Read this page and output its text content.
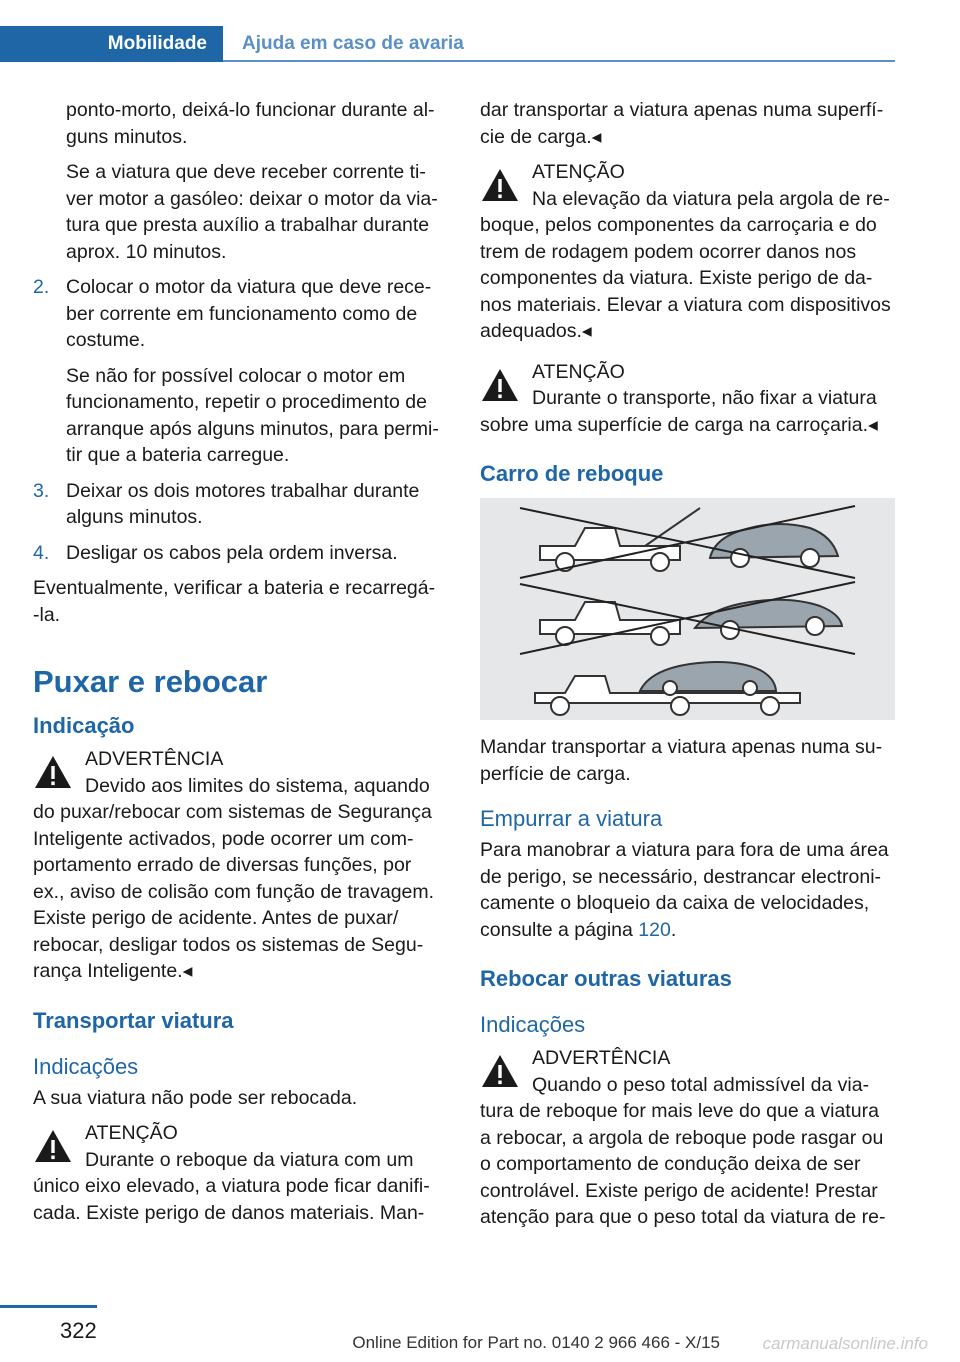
Mobilidade	Ajuda em caso de avaria

ponto-morto, deixá-lo funcionar durante al- guns minutos.

Se a viatura que deve receber corrente ti- ver motor a gasóleo: deixar o motor da via- tura que presta auxílio a trabalhar durante aprox. 10 minutos.

2. Colocar o motor da viatura que deve rece- ber corrente em funcionamento como de costume.
Se não for possível colocar o motor em funcionamento, repetir o procedimento de arranque após alguns minutos, para permi- tir que a bateria carregue.
3. Deixar os dois motores trabalhar durante alguns minutos.
4. Desligar os cabos pela ordem inversa.

Eventualmente, verificar a bateria e recarregá- -la.

Puxar e rebocar
Indicação
ADVERTÊNCIA
Devido aos limites do sistema, aquando do puxar/rebocar com sistemas de Segurança Inteligente activados, pode ocorrer um com- portamento errado de diversas funções, por ex., aviso de colisão com função de travagem. Existe perigo de acidente. Antes de puxar/ rebocar, desligar todos os sistemas de Segu- rança Inteligente.◂
Transportar viatura
Indicações

A sua viatura não pode ser rebocada.

ATENÇÃO
Durante o reboque da viatura com um único eixo elevado, a viatura pode ficar danifi- cada. Existe perigo de danos materiais. Man-

dar transportar a viatura apenas numa superfí- cie de carga.◂

ATENÇÃO
Na elevação da viatura pela argola de re- boque, pelos componentes da carroçaria e do trem de rodagem podem ocorrer danos nos componentes da viatura. Existe perigo de da- nos materiais. Elevar a viatura com dispositivos adequados.◂
ATENÇÃO
Durante o transporte, não fixar a viatura sobre uma superfície de carga na carroçaria.◂
Carro de reboque

Mandar transportar a viatura apenas numa su- perfície de carga.

Empurrar a viatura

Para manobrar a viatura para fora de uma área de perigo, se necessário, destrancar electroni- camente o bloqueio da caixa de velocidades, consulte a página 120.

Rebocar outras viaturas
Indicações
ADVERTÊNCIA
Quando o peso total admissível da via- tura de reboque for mais leve do que a viatura a rebocar, a argola de reboque pode rasgar ou o comportamento de condução deixa de ser controlável. Existe perigo de acidente! Prestar atenção para que o peso total da viatura de re-
322	Online Edition for Part no. 0140 2 966 466 - X/15	carmanualsonline.info
